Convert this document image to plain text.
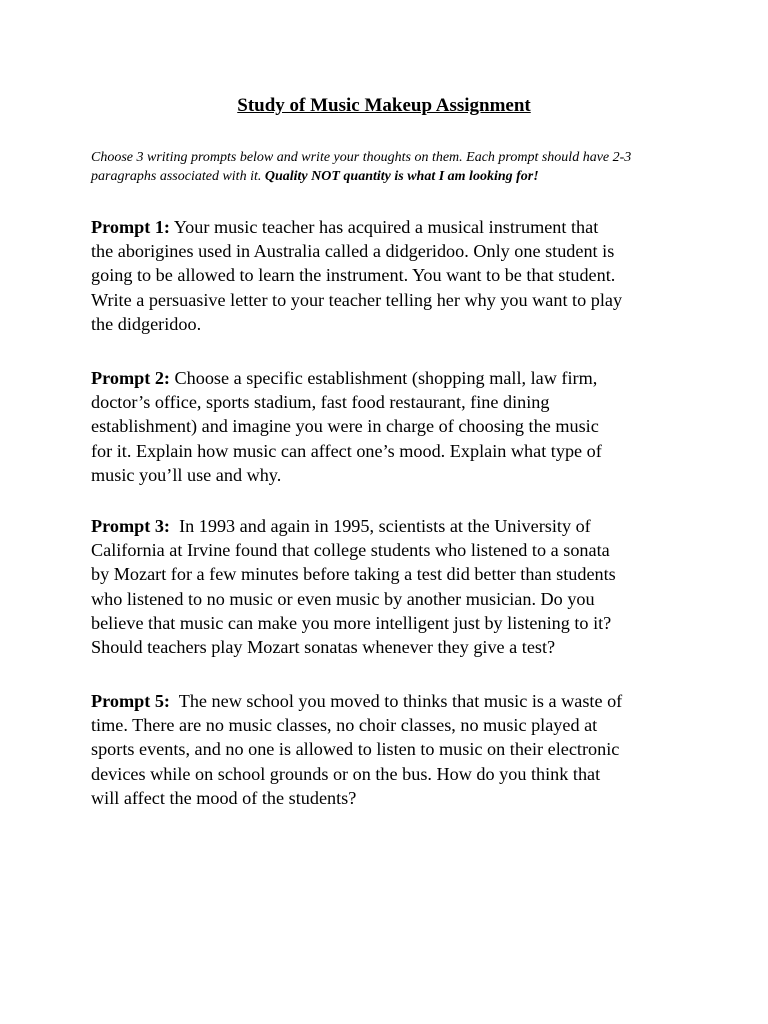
Study of Music Makeup Assignment
Choose 3 writing prompts below and write your thoughts on them. Each prompt should have 2-3
paragraphs associated with it. Quality NOT quantity is what I am looking for!
Prompt 1: Your music teacher has acquired a musical instrument that
the aborigines used in Australia called a didgeridoo. Only one student is
going to be allowed to learn the instrument. You want to be that student.
Write a persuasive letter to your teacher telling her why you want to play
the didgeridoo.
Prompt 2: Choose a specific establishment (shopping mall, law firm,
doctor’s office, sports stadium, fast food restaurant, fine dining
establishment) and imagine you were in charge of choosing the music
for it. Explain how music can affect one’s mood. Explain what type of
music you’ll use and why.
Prompt 3:  In 1993 and again in 1995, scientists at the University of
California at Irvine found that college students who listened to a sonata
by Mozart for a few minutes before taking a test did better than students
who listened to no music or even music by another musician. Do you
believe that music can make you more intelligent just by listening to it?
Should teachers play Mozart sonatas whenever they give a test?
Prompt 5:  The new school you moved to thinks that music is a waste of
time. There are no music classes, no choir classes, no music played at
sports events, and no one is allowed to listen to music on their electronic
devices while on school grounds or on the bus. How do you think that
will affect the mood of the students?
